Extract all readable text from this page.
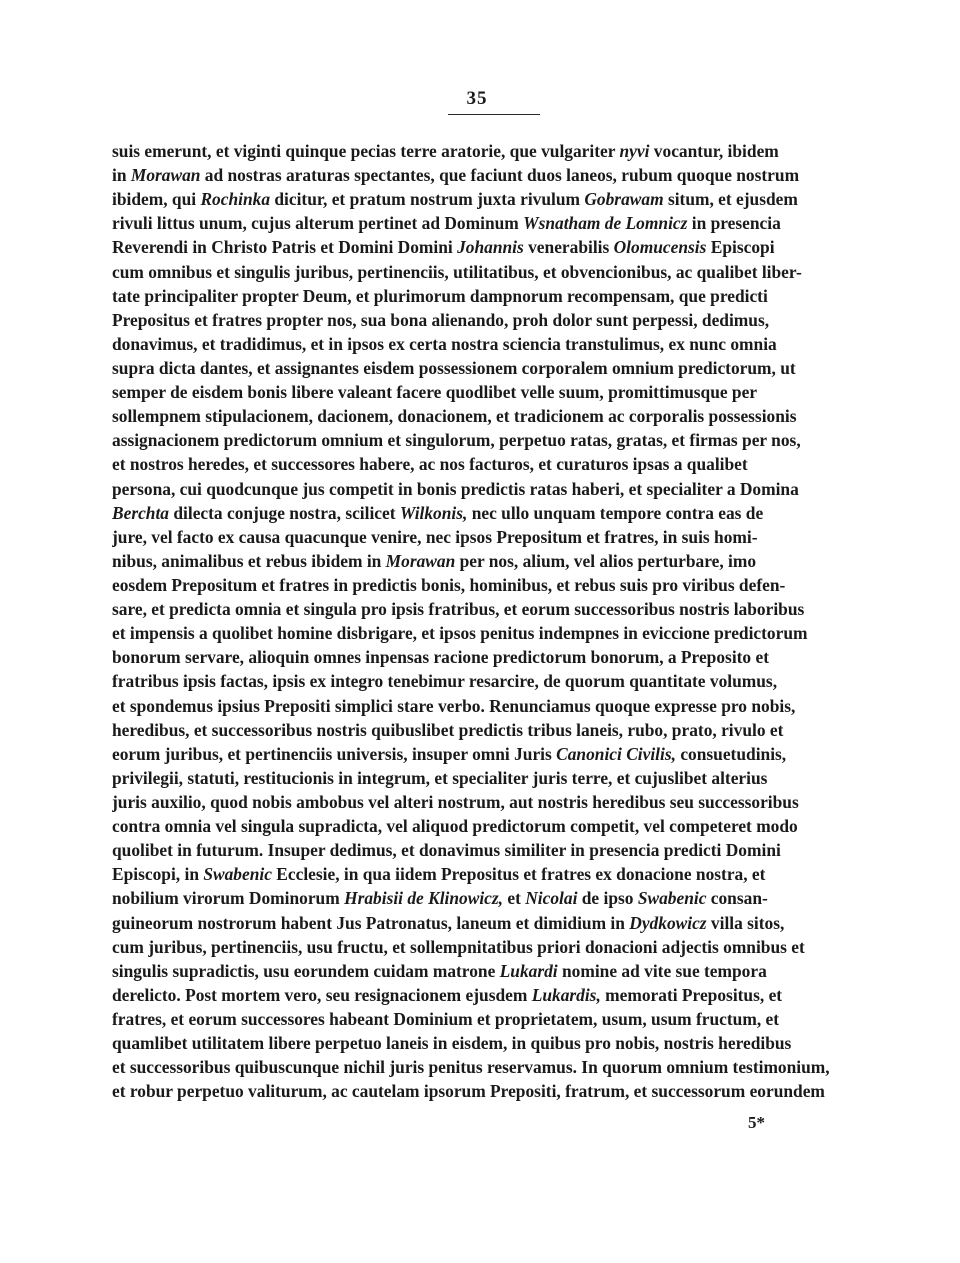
35
suis emerunt, et viginti quinque pecias terre aratorie, que vulgariter nyvi vocantur, ibidem
in Morawan ad nostras araturas spectantes, que faciunt duos laneos, rubum quoque nostrum
ibidem, qui Rochinka dicitur, et pratum nostrum juxta rivulum Gobrawam situm, et ejusdem
rivuli littus unum, cujus alterum pertinet ad Dominum Wsnatham de Lomnicz in presencia
Reverendi in Christo Patris et Domini Domini Johannis venerabilis Olomucensis Episcopi
cum omnibus et singulis juribus, pertinenciis, utilitatibus, et obvencionibus, ac qualibet liber-
tate principaliter propter Deum, et plurimorum dampnorum recompensam, que predicti
Prepositus et fratres propter nos, sua bona alienando, proh dolor sunt perpessi, dedimus,
donavimus, et tradidimus, et in ipsos ex certa nostra sciencia transtulimus, ex nunc omnia
supra dicta dantes, et assignantes eisdem possessionem corporalem omnium predictorum, ut
semper de eisdem bonis libere valeant facere quodlibet velle suum, promittimusque per
sollempnem stipulacionem, dacionem, donacionem, et tradicionem ac corporalis possessionis
assignacionem predictorum omnium et singulorum, perpetuo ratas, gratas, et firmas per nos,
et nostros heredes, et successores habere, ac nos facturos, et curaturos ipsas a qualibet
persona, cui quodcunque jus competit in bonis predictis ratas haberi, et specialiter a Domina
Berchta dilecta conjuge nostra, scilicet Wilkonis, nec ullo unquam tempore contra eas de
jure, vel facto ex causa quacunque venire, nec ipsos Prepositum et fratres, in suis homi-
nibus, animalibus et rebus ibidem in Morawan per nos, alium, vel alios perturbare, imo
eosdem Prepositum et fratres in predictis bonis, hominibus, et rebus suis pro viribus defen-
sare, et predicta omnia et singula pro ipsis fratribus, et eorum successoribus nostris laboribus
et impensis a quolibet homine disbrigare, et ipsos penitus indempnes in eviccione predictorum
bonorum servare, alioquin omnes inpensas racione predictorum bonorum, a Preposito et
fratribus ipsis factas, ipsis ex integro tenebimur resarcire, de quorum quantitate volumus,
et spondemus ipsius Prepositi simplici stare verbo. Renunciamus quoque expresse pro nobis,
heredibus, et successoribus nostris quibuslibet predictis tribus laneis, rubo, prato, rivulo et
eorum juribus, et pertinenciis universis, insuper omni Juris Canonici Civilis, consuetudinis,
privilegii, statuti, restitucionis in integrum, et specialiter juris terre, et cujuslibet alterius
juris auxilio, quod nobis ambobus vel alteri nostrum, aut nostris heredibus seu successoribus
contra omnia vel singula supradicta, vel aliquod predictorum competit, vel competeret modo
quolibet in futurum. Insuper dedimus, et donavimus similiter in presencia predicti Domini
Episcopi, in Swabenic Ecclesie, in qua iidem Prepositus et fratres ex donacione nostra, et
nobilium virorum Dominorum Hrabisii de Klinowicz, et Nicolai de ipso Swabenic consan-
guineorum nostrorum habent Jus Patronatus, laneum et dimidium in Dydkowicz villa sitos,
cum juribus, pertinenciis, usu fructu, et sollempnitatibus priori donacioni adjectis omnibus et
singulis supradictis, usu eorundem cuidam matrone Lukardi nomine ad vite sue tempora
derelicto. Post mortem vero, seu resignacionem ejusdem Lukardis, memorati Prepositus, et
fratres, et eorum successores habeant Dominium et proprietatem, usum, usum fructum, et
quamlibet utilitatem libere perpetuo laneis in eisdem, in quibus pro nobis, nostris heredibus
et successoribus quibuscunque nichil juris penitus reservamus. In quorum omnium testimonium,
et robur perpetuo valiturum, ac cautelam ipsorum Prepositi, fratrum, et successorum eorundem
5*
